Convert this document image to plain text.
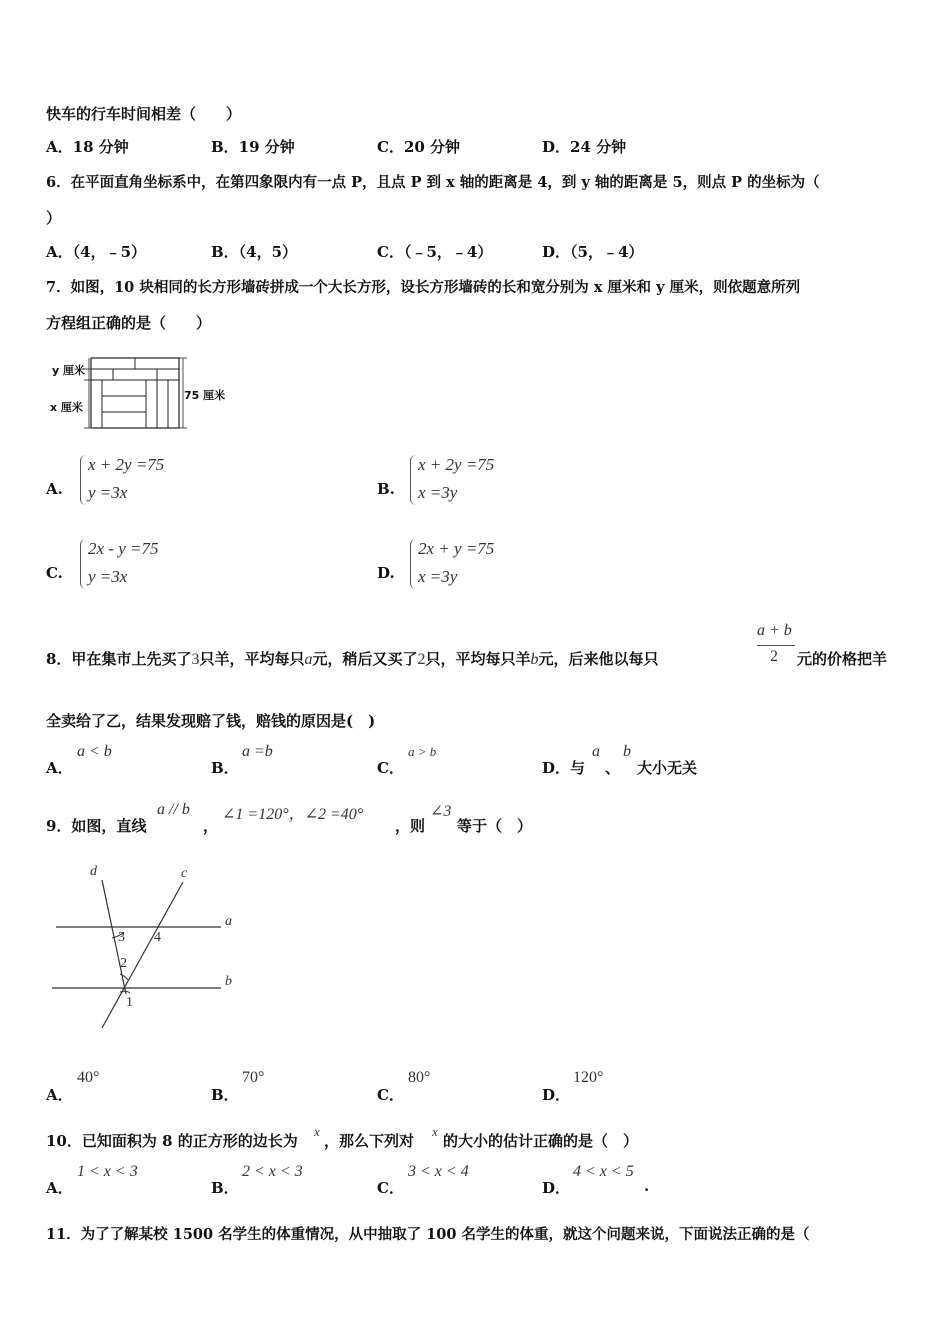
快车的行车时间相差（　　）
A．18 分钟	B．19 分钟	C．20 分钟	D．24 分钟
6．在平面直角坐标系中，在第四象限内有一点 P，且点 P 到 x 轴的距离是 4，到 y 轴的距离是 5，则点 P 的坐标为（
）
A．（4，﹣5）	B．（4，5）	C．（﹣5，﹣4）	D．（5，﹣4）
7．如图，10 块相同的长方形墙砖拼成一个大长方形，设长方形墙砖的长和宽分别为 x 厘米和 y 厘米，则依题意所列
方程组正确的是（　　）
y 厘米
x 厘米
75 厘米
A.
x + 2y =75
y =3x	B.
x + 2y =75
x =3y
C.
2x - y =75
y =3x	D.
2x + y =75
x =3y
8．甲在集市上先买了3只羊，平均每只a元，稍后又买了2只，平均每只羊b元，后来他以每只
a + b
2 元的价格把羊
全卖给了乙，结果发现赔了钱，赔钱的原因是(　)
A．
a < b
B．
a =b
C．
a > b
D．与
a
、
b
大小无关
9．如图，直线
a // b
，
∠1 =120°，∠2 =40°
，则
∠3
等于（　）
d	c
a
b
1
2
3 4
A．
40°
B．
70°
C．
80°
D．
120°
10．已知面积为 8 的正方形的边长为
x
，那么下列对
x
的大小的估计正确的是（　）
A．
1 < x < 3
B．
2 < x < 3
C．
3 < x < 4
D．
4 < x < 5
.
11．为了了解某校 1500 名学生的体重情况，从中抽取了 100 名学生的体重，就这个问题来说，下面说法正确的是（
